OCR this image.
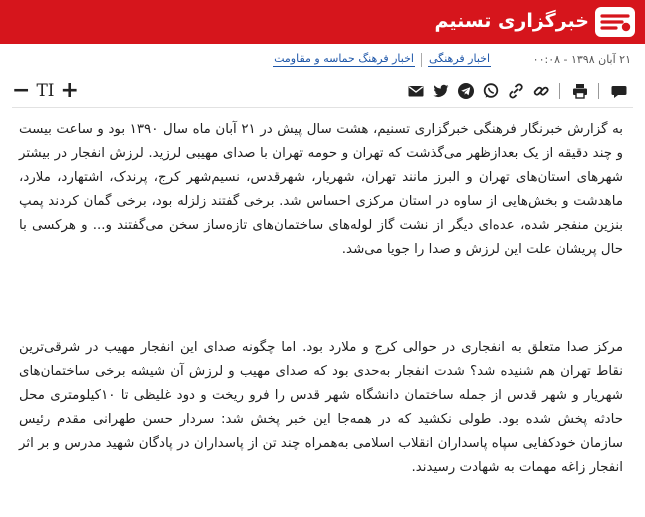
خبرگزاری تسنیم
۲۱ آبان ۱۳۹۸ - ۰۰:۰۸
اخبار فرهنگی
اخبار فرهنگ حماسه و مقاومت
− TI +

به گزارش خبرنگار فرهنگی خبرگزاری تسنیم، هشت سال پیش در ۲۱ آبان ماه سال ۱۳۹۰ بود و ساعت بیست و چند دقیقه از یک بعدازظهر می‌گذشت که تهران و حومه تهران با صدای مهیبی لرزید. لرزش انفجار در بیشتر شهرهای استان‌های تهران و البرز مانند تهران، شهریار، شهرقدس، نسیم‌شهر کرج، پرندک، اشتهارد، ملارد، ماهدشت و بخش‌هایی از ساوه در استان مرکزی احساس شد. برخی گفتند زلزله بود، برخی گمان کردند پمپ بنزین منفجر شده، عده‌ای دیگر از نشت گاز لوله‌های ساختمان‌های تازه‌ساز سخن می‌گفتند و... و هرکسی با حال پریشان علت این لرزش و صدا را جویا می‌شد.

مرکز صدا متعلق به انفجاری در حوالی کرج و ملارد بود. اما چگونه صدای این انفجار مهیب در شرقی‌ترین نقاط تهران هم شنیده شد؟ شدت انفجار به‌حدی بود که صدای مهیب و لرزش آن شیشه برخی ساختمان‌های شهریار و شهر قدس از جمله ساختمان دانشگاه شهر قدس را فرو ریخت و دود غلیظی تا ۱۰کیلومتری محل حادثه پخش شده بود. طولی نکشید که در همه‌جا این خبر پخش شد: سردار حسن طهرانی مقدم رئیس سازمان خودکفایی سپاه پاسداران انقلاب اسلامی به‌همراه چند تن از پاسداران در پادگان شهید مدرس و بر اثر انفجار زاغه مهمات به شهادت رسیدند.
